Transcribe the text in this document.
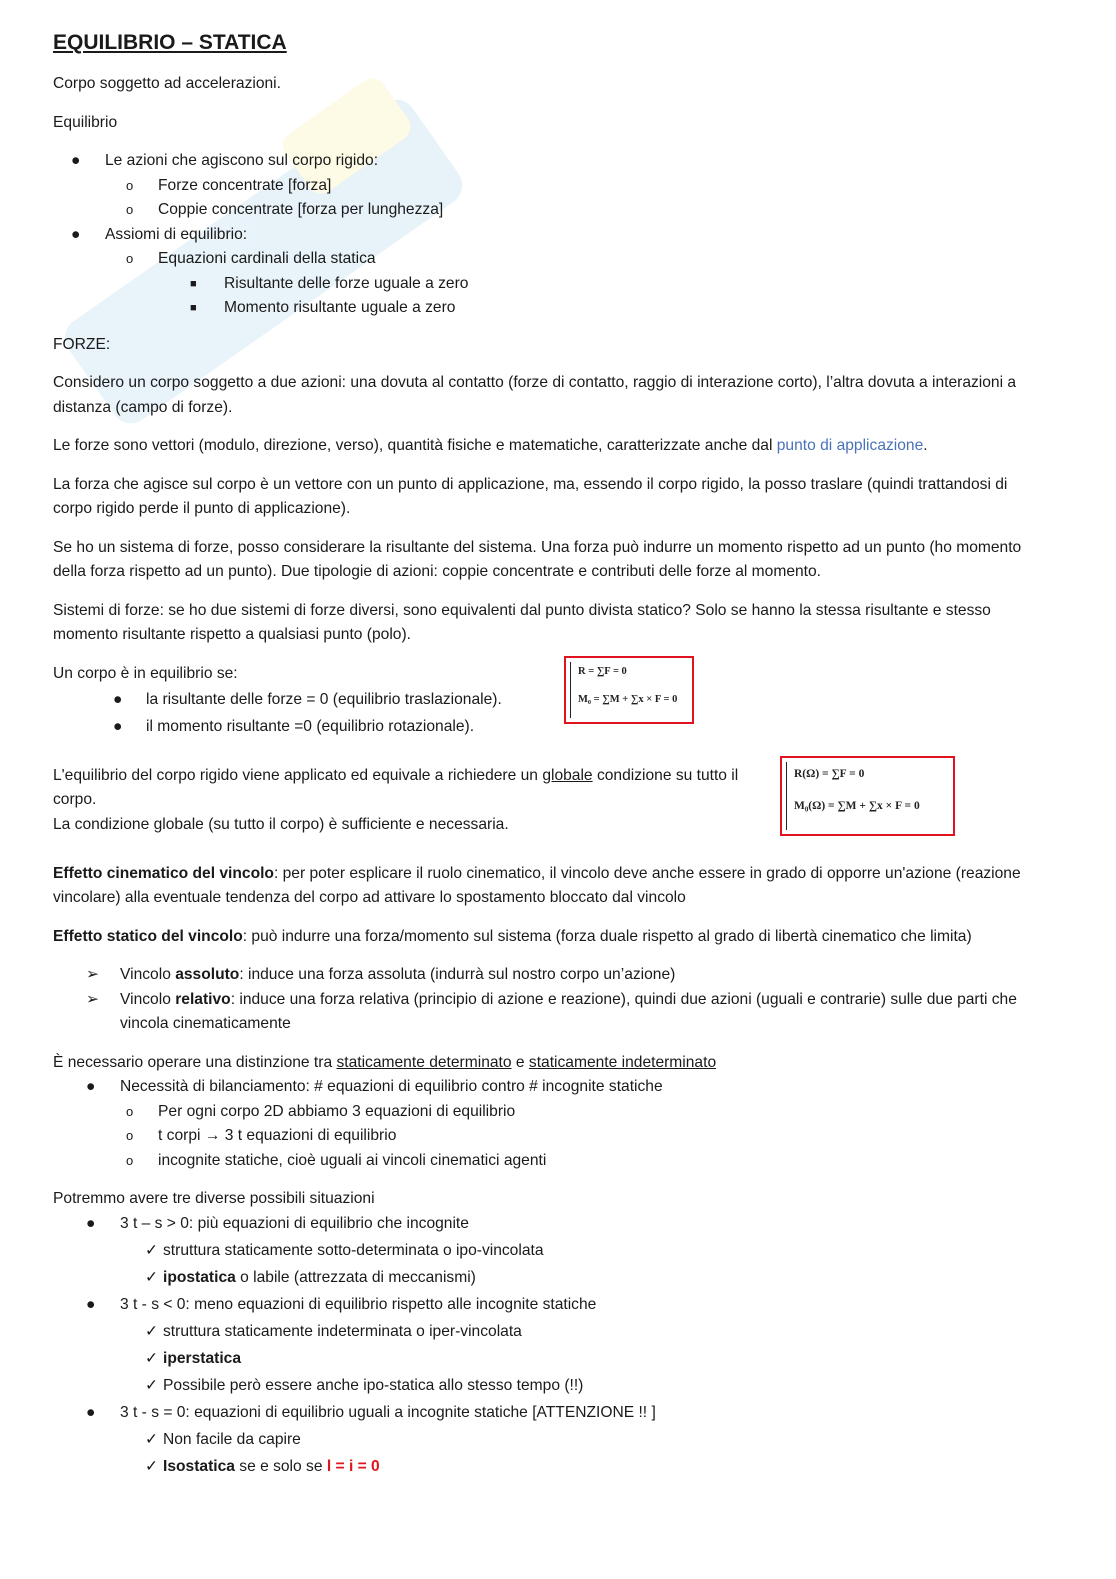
EQUILIBRIO – STATICA

Corpo soggetto ad accelerazioni.

Equilibrio

● Le azioni che agiscono sul corpo rigido:
o Forze concentrate [forza]
o Coppie concentrate [forza per lunghezza]
● Assiomi di equilibrio:
o Equazioni cardinali della statica
■ Risultante delle forze uguale a zero
■ Momento risultante uguale a zero

FORZE:

Considero un corpo soggetto a due azioni: una dovuta al contatto (forze di contatto, raggio di interazione corto), l’altra dovuta a interazioni a distanza (campo di forze).

Le forze sono vettori (modulo, direzione, verso), quantità fisiche e matematiche, caratterizzate anche dal punto di applicazione.

La forza che agisce sul corpo è un vettore con un punto di applicazione, ma, essendo il corpo rigido, la posso traslare (quindi trattandosi di corpo rigido perde il punto di applicazione).

Se ho un sistema di forze, posso considerare la risultante del sistema. Una forza può indurre un momento rispetto ad un punto (ho momento della forza rispetto ad un punto). Due tipologie di azioni: coppie concentrate e contributi delle forze al momento.

Sistemi di forze: se ho due sistemi di forze diversi, sono equivalenti dal punto divista statico? Solo se hanno la stessa risultante e stesso momento risultante rispetto a qualsiasi punto (polo).

Un corpo è in equilibrio se:

● la risultante delle forze = 0 (equilibrio traslazionale).
● il momento risultante =0 (equilibrio rotazionale).
R = ∑F = 0
M₀ = ∑M + ∑x × F = 0

L'equilibrio del corpo rigido viene applicato ed equivale a richiedere un globale condizione su tutto il corpo.

La condizione globale (su tutto il corpo) è sufficiente e necessaria.

R(Ω) = ∑F = 0
M₀(Ω) = ∑M + ∑x × F = 0

Effetto cinematico del vincolo: per poter esplicare il ruolo cinematico, il vincolo deve anche essere in grado di opporre un'azione (reazione vincolare) alla eventuale tendenza del corpo ad attivare lo spostamento bloccato dal vincolo

Effetto statico del vincolo: può indurre una forza/momento sul sistema (forza duale rispetto al grado di libertà cinematico che limita)

➢ Vincolo assoluto: induce una forza assoluta (indurrà sul nostro corpo un’azione)
➢ Vincolo relativo: induce una forza relativa (principio di azione e reazione), quindi due azioni (uguali e contrarie) sulle due parti che vincola cinematicamente

È necessario operare una distinzione tra staticamente determinato e staticamente indeterminato

● Necessità di bilanciamento: # equazioni di equilibrio contro # incognite statiche
o Per ogni corpo 2D abbiamo 3 equazioni di equilibrio
o t corpi → 3 t equazioni di equilibrio
o incognite statiche, cioè uguali ai vincoli cinematici agenti

Potremmo avere tre diverse possibili situazioni

● 3 t – s > 0: più equazioni di equilibrio che incognite
✓ struttura staticamente sotto-determinata o ipo-vincolata
✓ ipostatica o labile (attrezzata di meccanismi)
● 3 t - s < 0: meno equazioni di equilibrio rispetto alle incognite statiche
✓ struttura staticamente indeterminata o iper-vincolata
✓ iperstatica
✓ Possibile però essere anche ipo-statica allo stesso tempo (!!)
● 3 t - s = 0: equazioni di equilibrio uguali a incognite statiche [ATTENZIONE !! ]
✓ Non facile da capire
✓ Isostatica se e solo se l = i = 0
